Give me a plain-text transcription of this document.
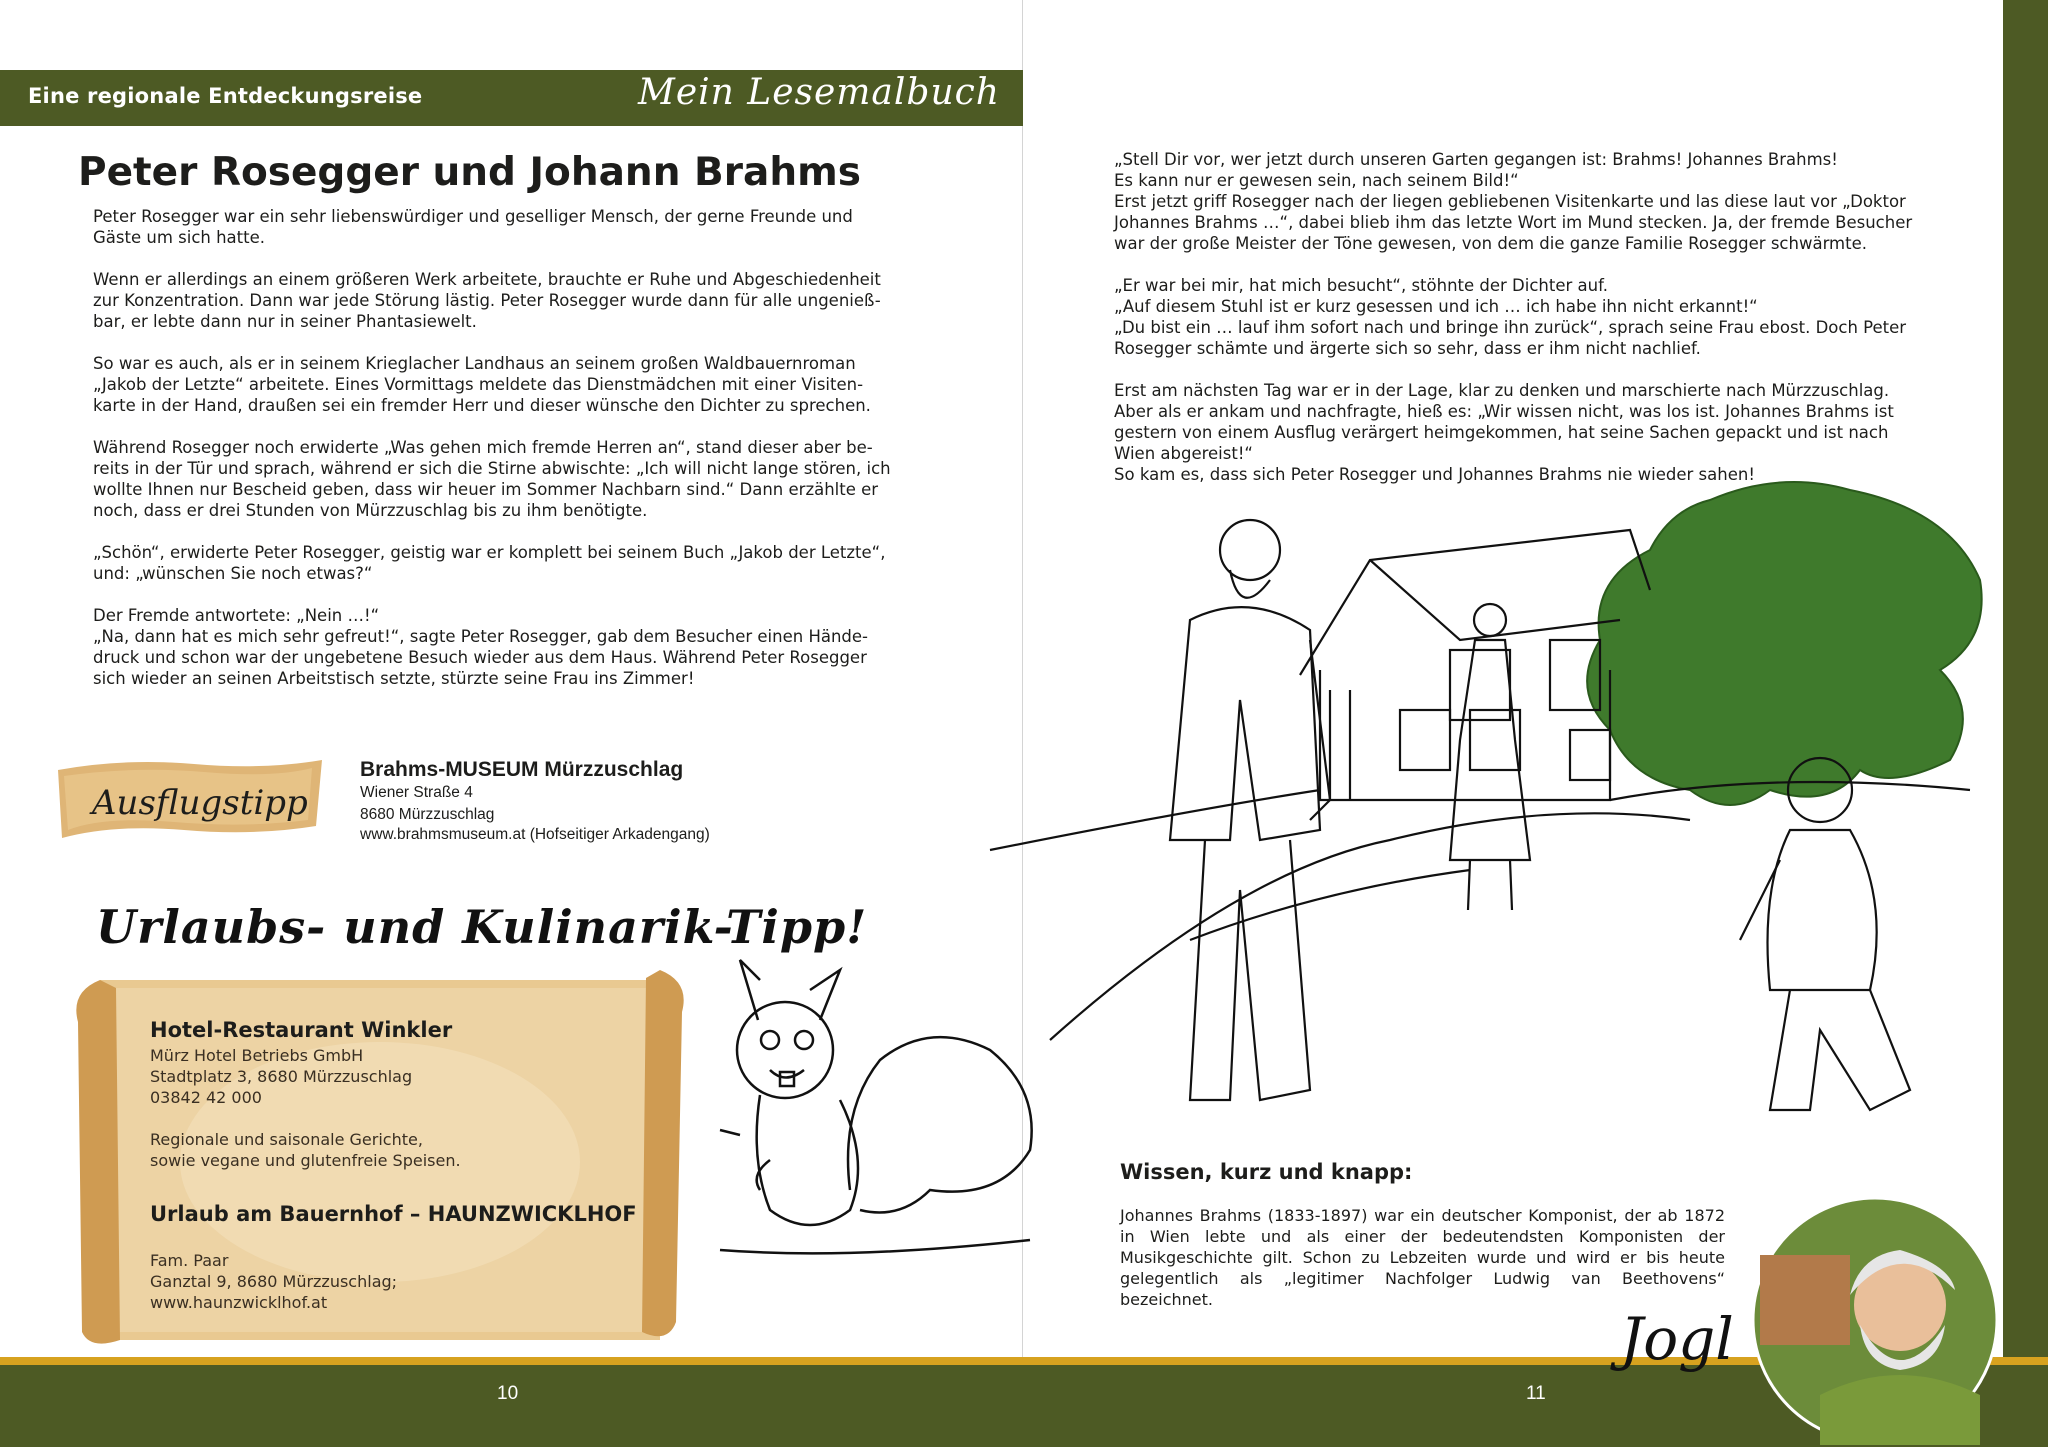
Eine regionale Entdeckungsreise	Mein Lesemalbuch
10	11
Peter Rosegger und Johann Brahms

Peter Rosegger war ein sehr liebenswürdiger und geselliger Mensch, der gerne Freunde und
Gäste um sich hatte.

Wenn er allerdings an einem größeren Werk arbeitete, brauchte er Ruhe und Abgeschiedenheit
zur Konzentration. Dann war jede Störung lästig. Peter Rosegger wurde dann für alle ungenieß-
bar, er lebte dann nur in seiner Phantasiewelt.

So war es auch, als er in seinem Krieglacher Landhaus an seinem großen Waldbauernroman
„Jakob der Letzte“ arbeitete. Eines Vormittags meldete das Dienstmädchen mit einer Visiten-
karte in der Hand, draußen sei ein fremder Herr und dieser wünsche den Dichter zu sprechen.

Während Rosegger noch erwiderte „Was gehen mich fremde Herren an“, stand dieser aber be-
reits in der Tür und sprach, während er sich die Stirne abwischte: „Ich will nicht lange stören, ich
wollte Ihnen nur Bescheid geben, dass wir heuer im Sommer Nachbarn sind.“ Dann erzählte er
noch, dass er drei Stunden von Mürzzuschlag bis zu ihm benötigte.

„Schön“, erwiderte Peter Rosegger, geistig war er komplett bei seinem Buch „Jakob der Letzte“,
und: „wünschen Sie noch etwas?“

Der Fremde antwortete: „Nein …!“
„Na, dann hat es mich sehr gefreut!“, sagte Peter Rosegger, gab dem Besucher einen Hände-
druck und schon war der ungebetene Besuch wieder aus dem Haus. Während Peter Rosegger
sich wieder an seinen Arbeitstisch setzte, stürzte seine Frau ins Zimmer!

Ausflugstipp
Brahms-MUSEUM Mürzzuschlag
Wiener Straße 4
8680 Mürzzuschlag
www.brahmsmuseum.at (Hofseitiger Arkadengang)
Urlaubs- und Kulinarik-Tipp!
Hotel-Restaurant Winkler
Mürz Hotel Betriebs GmbH
Stadtplatz 3, 8680 Mürzzuschlag
03842 42 000
Regionale und saisonale Gerichte,
sowie vegane und glutenfreie Speisen.
Urlaub am Bauernhof – HAUNZWICKLHOF
Fam. Paar
Ganztal 9, 8680 Mürzzuschlag;
www.haunzwicklhof.at

„Stell Dir vor, wer jetzt durch unseren Garten gegangen ist: Brahms! Johannes Brahms!
Es kann nur er gewesen sein, nach seinem Bild!“
Erst jetzt griff Rosegger nach der liegen gebliebenen Visitenkarte und las diese laut vor „Doktor
Johannes Brahms …“, dabei blieb ihm das letzte Wort im Mund stecken. Ja, der fremde Besucher
war der große Meister der Töne gewesen, von dem die ganze Familie Rosegger schwärmte.

„Er war bei mir, hat mich besucht“, stöhnte der Dichter auf.
„Auf diesem Stuhl ist er kurz gesessen und ich … ich habe ihn nicht erkannt!“
„Du bist ein … lauf ihm sofort nach und bringe ihn zurück“, sprach seine Frau ebost. Doch Peter
Rosegger schämte und ärgerte sich so sehr, dass er ihm nicht nachlief.

Erst am nächsten Tag war er in der Lage, klar zu denken und marschierte nach Mürzzuschlag.
Aber als er ankam und nachfragte, hieß es: „Wir wissen nicht, was los ist. Johannes Brahms ist
gestern von einem Ausflug verärgert heimgekommen, hat seine Sachen gepackt und ist nach
Wien abgereist!“
So kam es, dass sich Peter Rosegger und Johannes Brahms nie wieder sahen!

Wissen, kurz und knapp:
Johannes Brahms (1833-1897) war ein deutscher Komponist, der ab 1872 in Wien lebte und als einer der bedeutendsten Komponisten der Musikgeschichte gilt. Schon zu Lebzeiten wurde und wird er bis heute gelegentlich als „legitimer Nachfolger Ludwig van Beethovens“ bezeichnet.
Jogl
